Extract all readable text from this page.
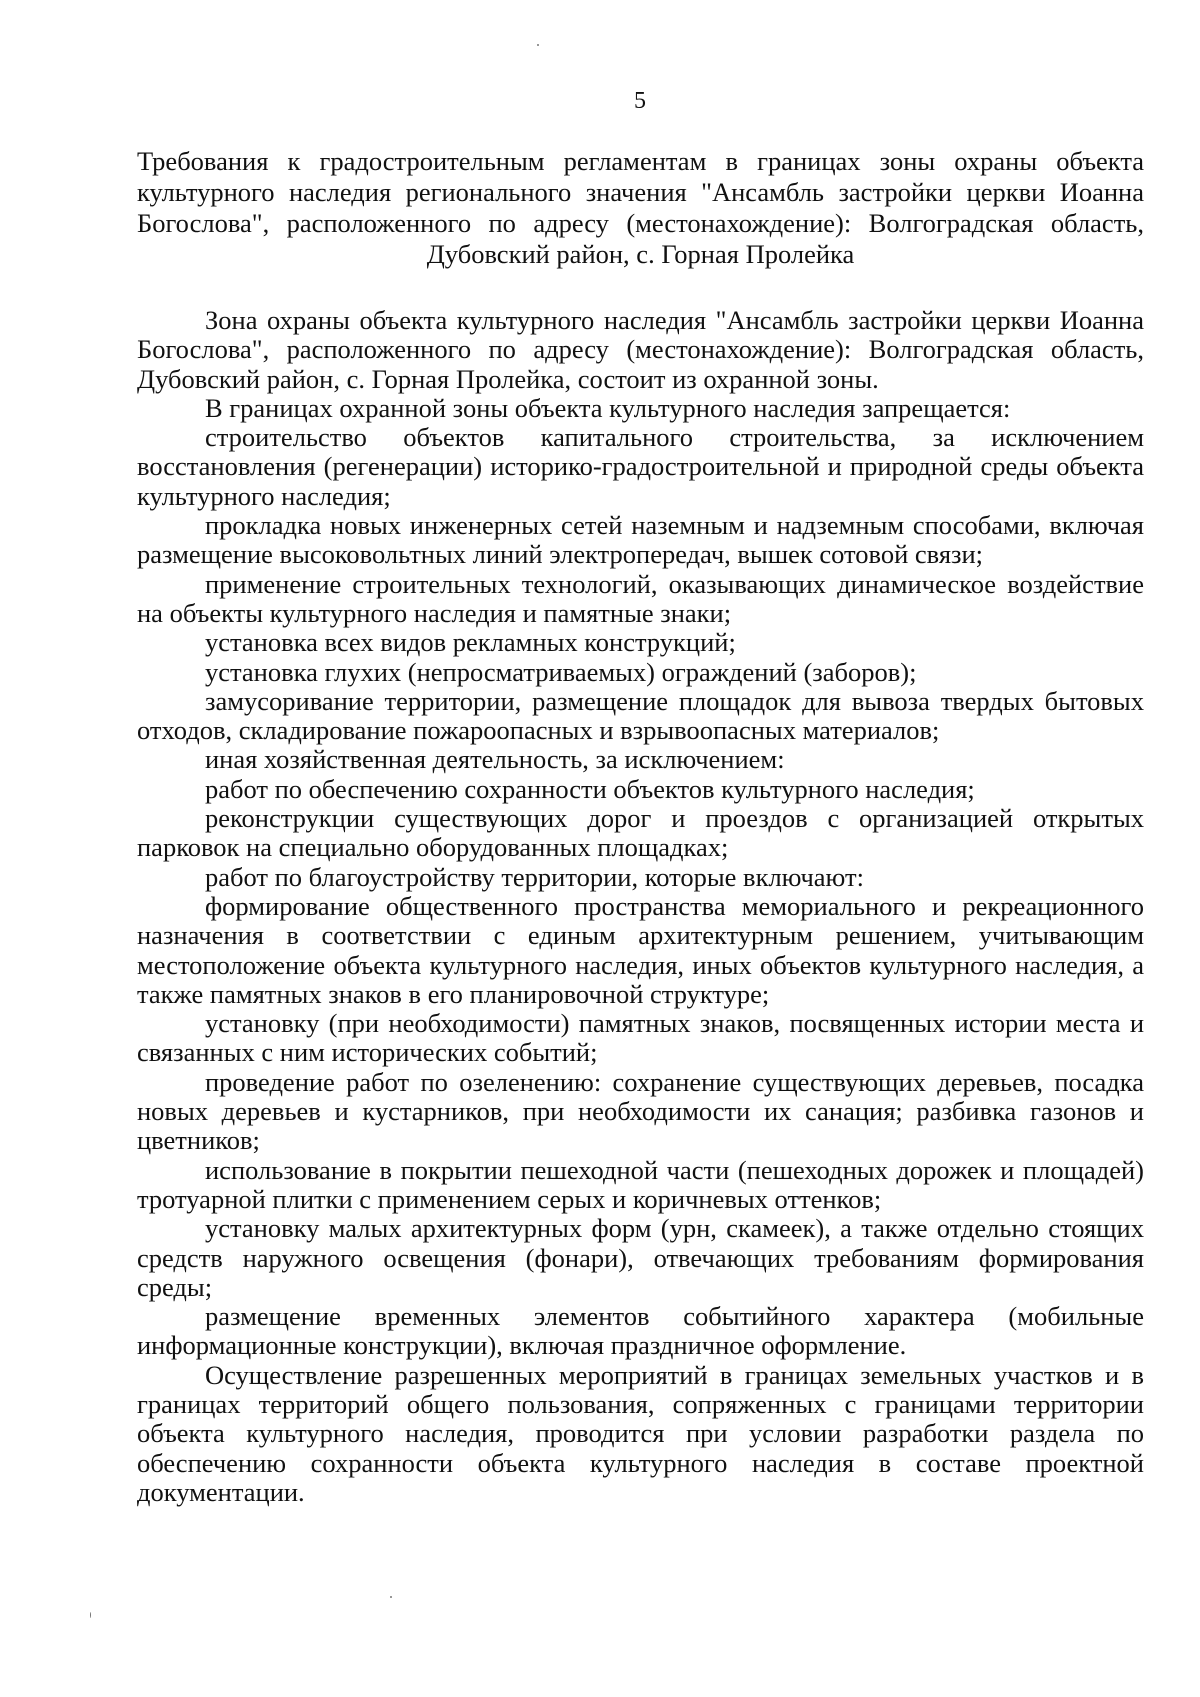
5
Требования к градостроительным регламентам в границах зоны охраны объекта культурного наследия регионального значения "Ансамбль застройки церкви Иоанна Богослова", расположенного по адресу (местонахождение): Волгоградская область, Дубовский район, с. Горная Пролейка

Зона охраны объекта культурного наследия "Ансамбль застройки церкви Иоанна Богослова", расположенного по адресу (местонахождение): Волгоградская область, Дубовский район, с. Горная Пролейка, состоит из охранной зоны.

В границах охранной зоны объекта культурного наследия запрещается:

строительство объектов капитального строительства, за исключением восстановления (регенерации) историко-градостроительной и природной среды объекта культурного наследия;

прокладка новых инженерных сетей наземным и надземным способами, включая размещение высоковольтных линий электропередач, вышек сотовой связи;

применение строительных технологий, оказывающих динамическое воздействие на объекты культурного наследия и памятные знаки;

установка всех видов рекламных конструкций;

установка глухих (непросматриваемых) ограждений (заборов);

замусоривание территории, размещение площадок для вывоза твердых бытовых отходов, складирование пожароопасных и взрывоопасных материалов;

иная хозяйственная деятельность, за исключением:

работ по обеспечению сохранности объектов культурного наследия;

реконструкции существующих дорог и проездов с организацией открытых парковок на специально оборудованных площадках;

работ по благоустройству территории, которые включают:

формирование общественного пространства мемориального и рекреационного назначения в соответствии с единым архитектурным решением, учитывающим местоположение объекта культурного наследия, иных объектов культурного наследия, а также памятных знаков в его планировочной структуре;

установку (при необходимости) памятных знаков, посвященных истории места и связанных с ним исторических событий;

проведение работ по озеленению: сохранение существующих деревьев, посадка новых деревьев и кустарников, при необходимости их санация; разбивка газонов и цветников;

использование в покрытии пешеходной части (пешеходных дорожек и площадей) тротуарной плитки с применением серых и коричневых оттенков;

установку малых архитектурных форм (урн, скамеек), а также отдельно стоящих средств наружного освещения (фонари), отвечающих требованиям формирования среды;

размещение временных элементов событийного характера (мобильные информационные конструкции), включая праздничное оформление.

Осуществление разрешенных мероприятий в границах земельных участков и в границах территорий общего пользования, сопряженных с границами территории объекта культурного наследия, проводится при условии разработки раздела по обеспечению сохранности объекта культурного наследия в составе проектной документации.
